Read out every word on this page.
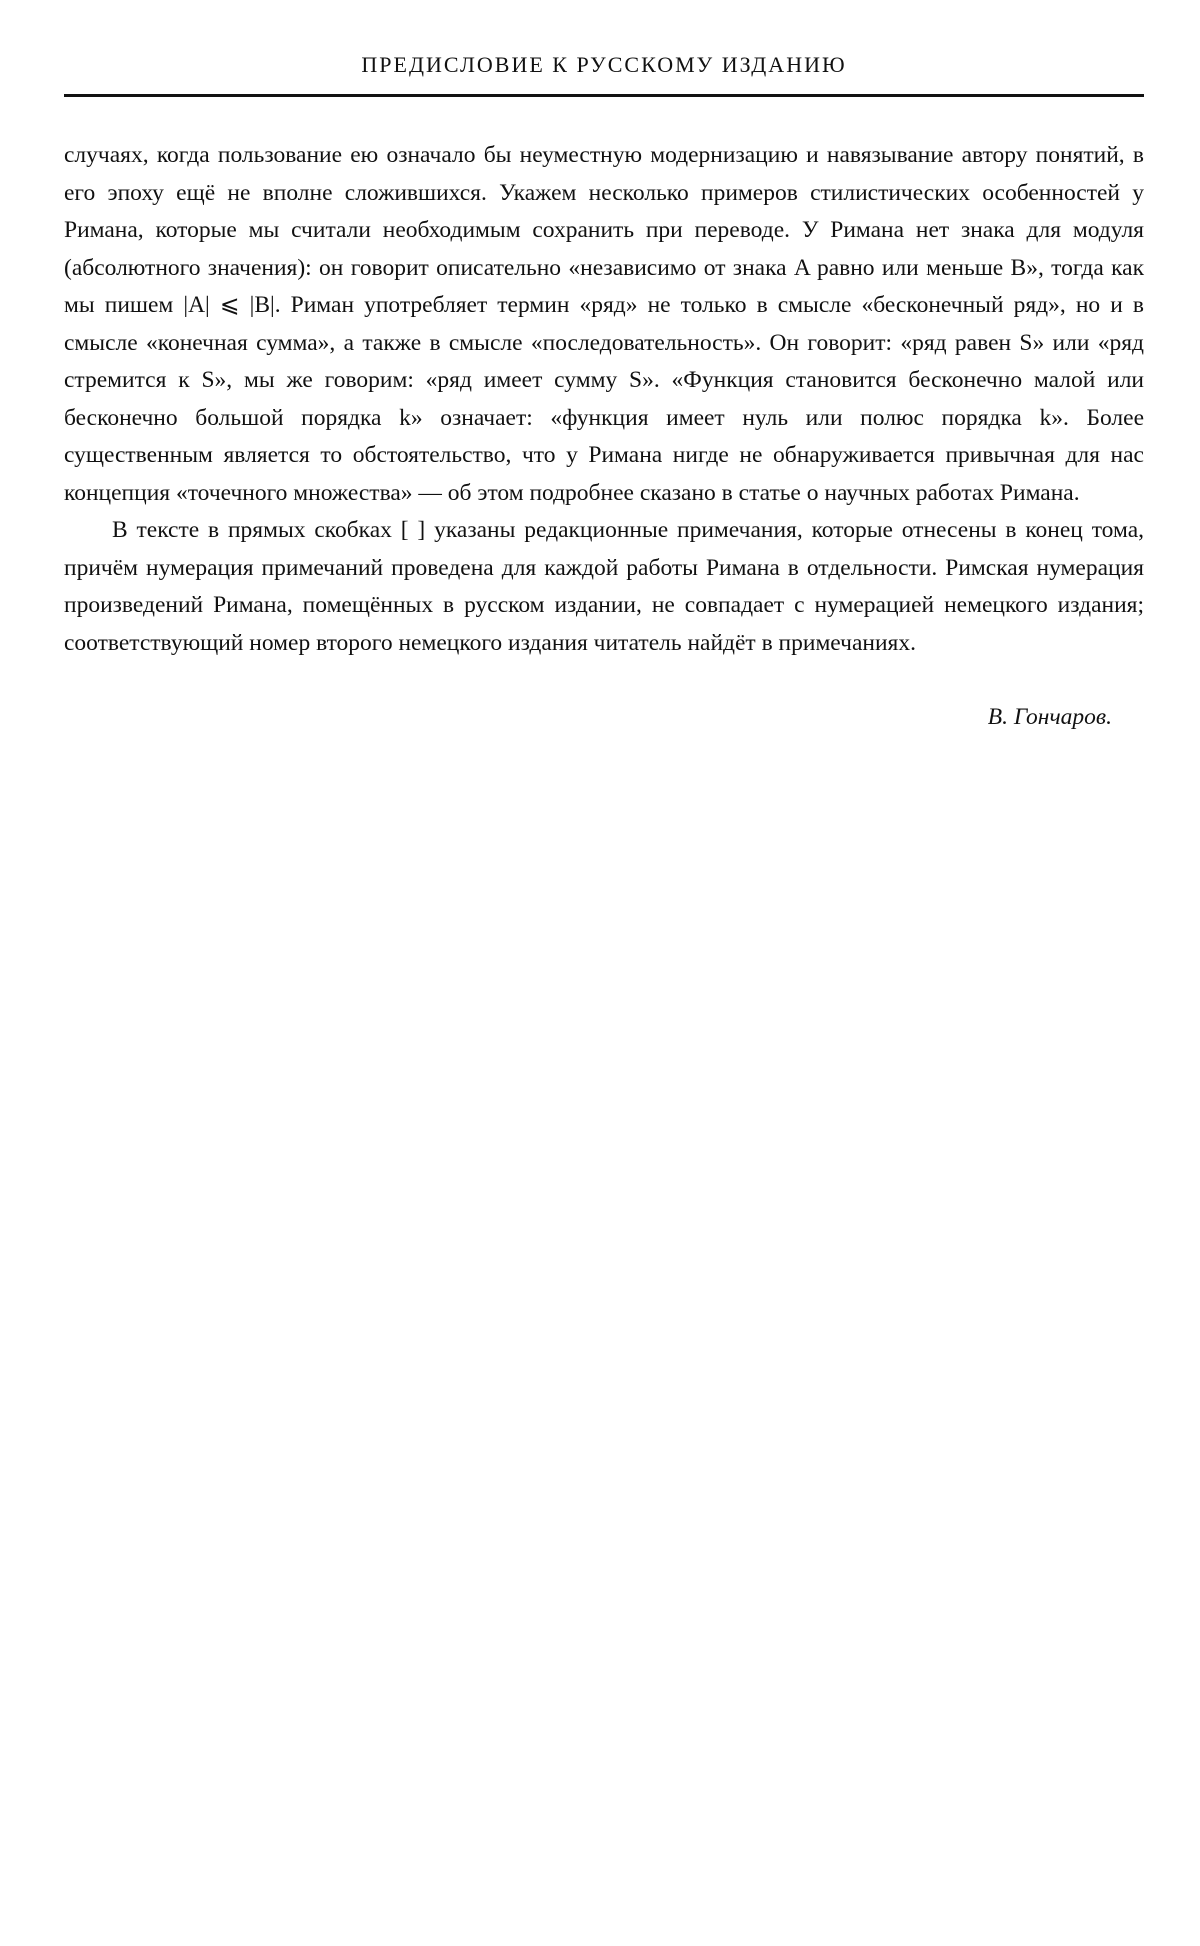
ПРЕДИСЛОВИЕ К РУССКОМУ ИЗДАНИЮ

случаях, когда пользование ею означало бы неуместную модернизацию и навязывание автору понятий, в его эпоху ещё не вполне сложившихся. Укажем несколько примеров стилистических особенностей у Римана, которые мы считали необходимым сохранить при переводе. У Римана нет знака для модуля (абсолютного значения): он говорит описательно «независимо от знака A равно или меньше B», тогда как мы пишем |A| ⩽ |B|. Риман употребляет термин «ряд» не только в смысле «бесконечный ряд», но и в смысле «конечная сумма», а также в смысле «последовательность». Он говорит: «ряд равен S» или «ряд стремится к S», мы же говорим: «ряд имеет сумму S». «Функция становится бесконечно малой или бесконечно большой порядка k» означает: «функция имеет нуль или полюс порядка k». Более существенным является то обстоятельство, что у Римана нигде не обнаруживается привычная для нас концепция «точечного множества» — об этом подробнее сказано в статье о научных работах Римана.

В тексте в прямых скобках [ ] указаны редакционные примечания, которые отнесены в конец тома, причём нумерация примечаний проведена для каждой работы Римана в отдельности. Римская нумерация произведений Римана, помещённых в русском издании, не совпадает с нумерацией немецкого издания; соответствующий номер второго немецкого издания читатель найдёт в примечаниях.

В. Гончаров.
